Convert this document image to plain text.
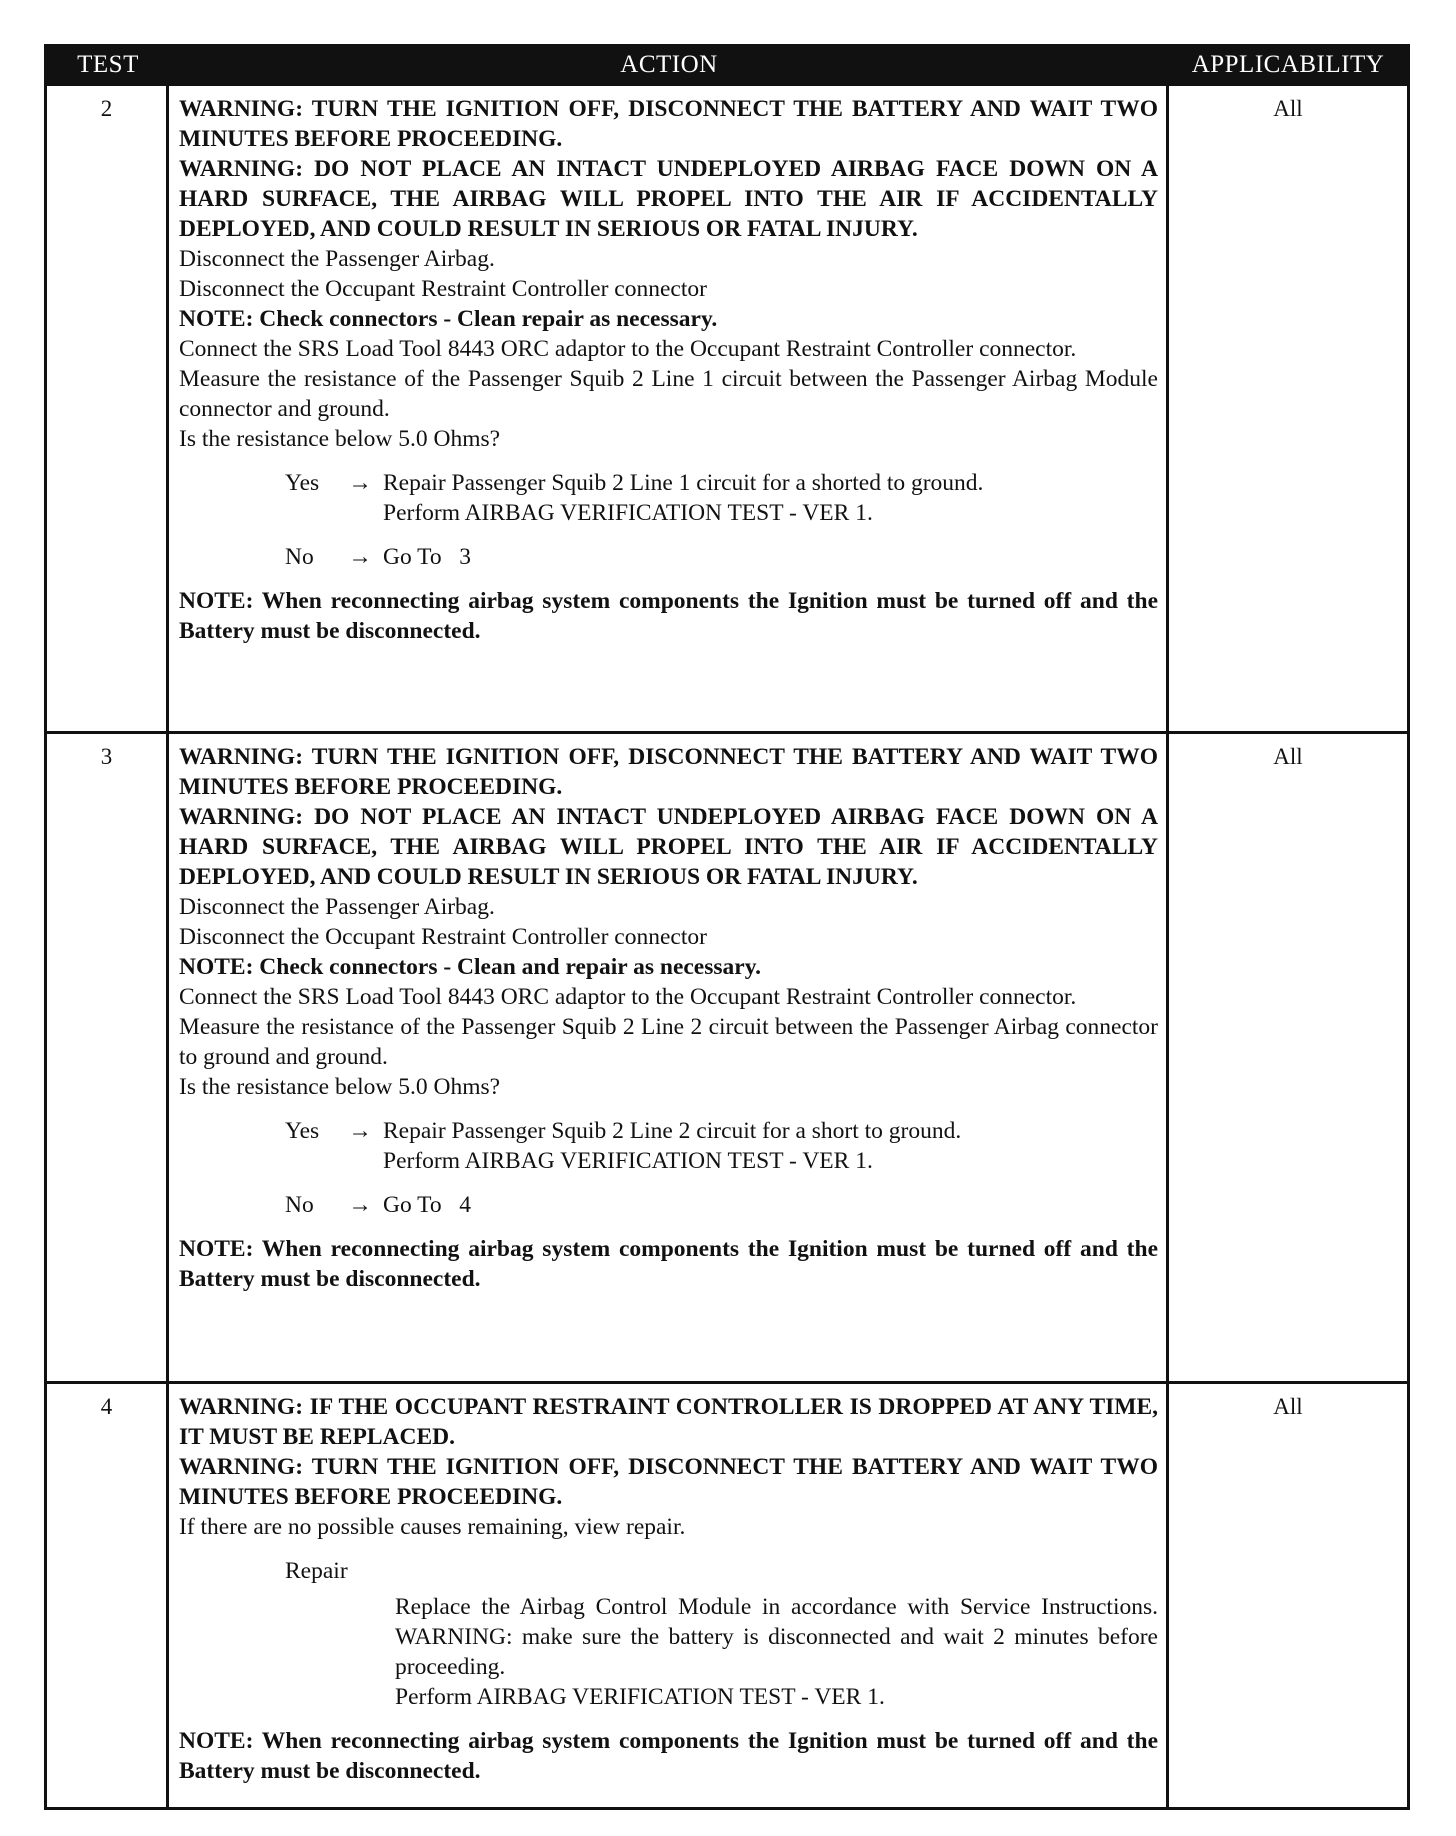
TEST	ACTION	APPLICABILITY
2	WARNING: TURN THE IGNITION OFF, DISCONNECT THE BATTERY AND WAIT TWO MINUTES BEFORE PROCEEDING.
WARNING: DO NOT PLACE AN INTACT UNDEPLOYED AIRBAG FACE DOWN ON A HARD SURFACE, THE AIRBAG WILL PROPEL INTO THE AIR IF ACCIDENTALLY DEPLOYED, AND COULD RESULT IN SERIOUS OR FATAL INJURY.
Disconnect the Passenger Airbag.
Disconnect the Occupant Restraint Controller connector
NOTE: Check connectors - Clean repair as necessary.
Connect the SRS Load Tool 8443 ORC adaptor to the Occupant Restraint Controller connector.
Measure the resistance of the Passenger Squib 2 Line 1 circuit between the Passenger Airbag Module connector and ground.
Is the resistance below 5.0 Ohms?
Yes	→ Repair Passenger Squib 2 Line 1 circuit for a shorted to ground.
Perform AIRBAG VERIFICATION TEST - VER 1.
No	→ Go To   3
NOTE: When reconnecting airbag system components the Ignition must be turned off and the Battery must be disconnected.
All
3	WARNING: TURN THE IGNITION OFF, DISCONNECT THE BATTERY AND WAIT TWO MINUTES BEFORE PROCEEDING.
WARNING: DO NOT PLACE AN INTACT UNDEPLOYED AIRBAG FACE DOWN ON A HARD SURFACE, THE AIRBAG WILL PROPEL INTO THE AIR IF ACCIDENTALLY DEPLOYED, AND COULD RESULT IN SERIOUS OR FATAL INJURY.
Disconnect the Passenger Airbag.
Disconnect the Occupant Restraint Controller connector
NOTE: Check connectors - Clean and repair as necessary.
Connect the SRS Load Tool 8443 ORC adaptor to the Occupant Restraint Controller connector.
Measure the resistance of the Passenger Squib 2 Line 2 circuit between the Passenger Airbag connector to ground and ground.
Is the resistance below 5.0 Ohms?
Yes	→ Repair Passenger Squib 2 Line 2 circuit for a short to ground.
Perform AIRBAG VERIFICATION TEST - VER 1.
No	→ Go To   4
NOTE: When reconnecting airbag system components the Ignition must be turned off and the Battery must be disconnected.
All
4	WARNING: IF THE OCCUPANT RESTRAINT CONTROLLER IS DROPPED AT ANY TIME, IT MUST BE REPLACED.
WARNING: TURN THE IGNITION OFF, DISCONNECT THE BATTERY AND WAIT TWO MINUTES BEFORE PROCEEDING.
If there are no possible causes remaining, view repair.
Repair
Replace the Airbag Control Module in accordance with Service Instructions. WARNING: make sure the battery is disconnected and wait 2 minutes before proceeding.
Perform AIRBAG VERIFICATION TEST - VER 1.
NOTE: When reconnecting airbag system components the Ignition must be turned off and the Battery must be disconnected.
All
